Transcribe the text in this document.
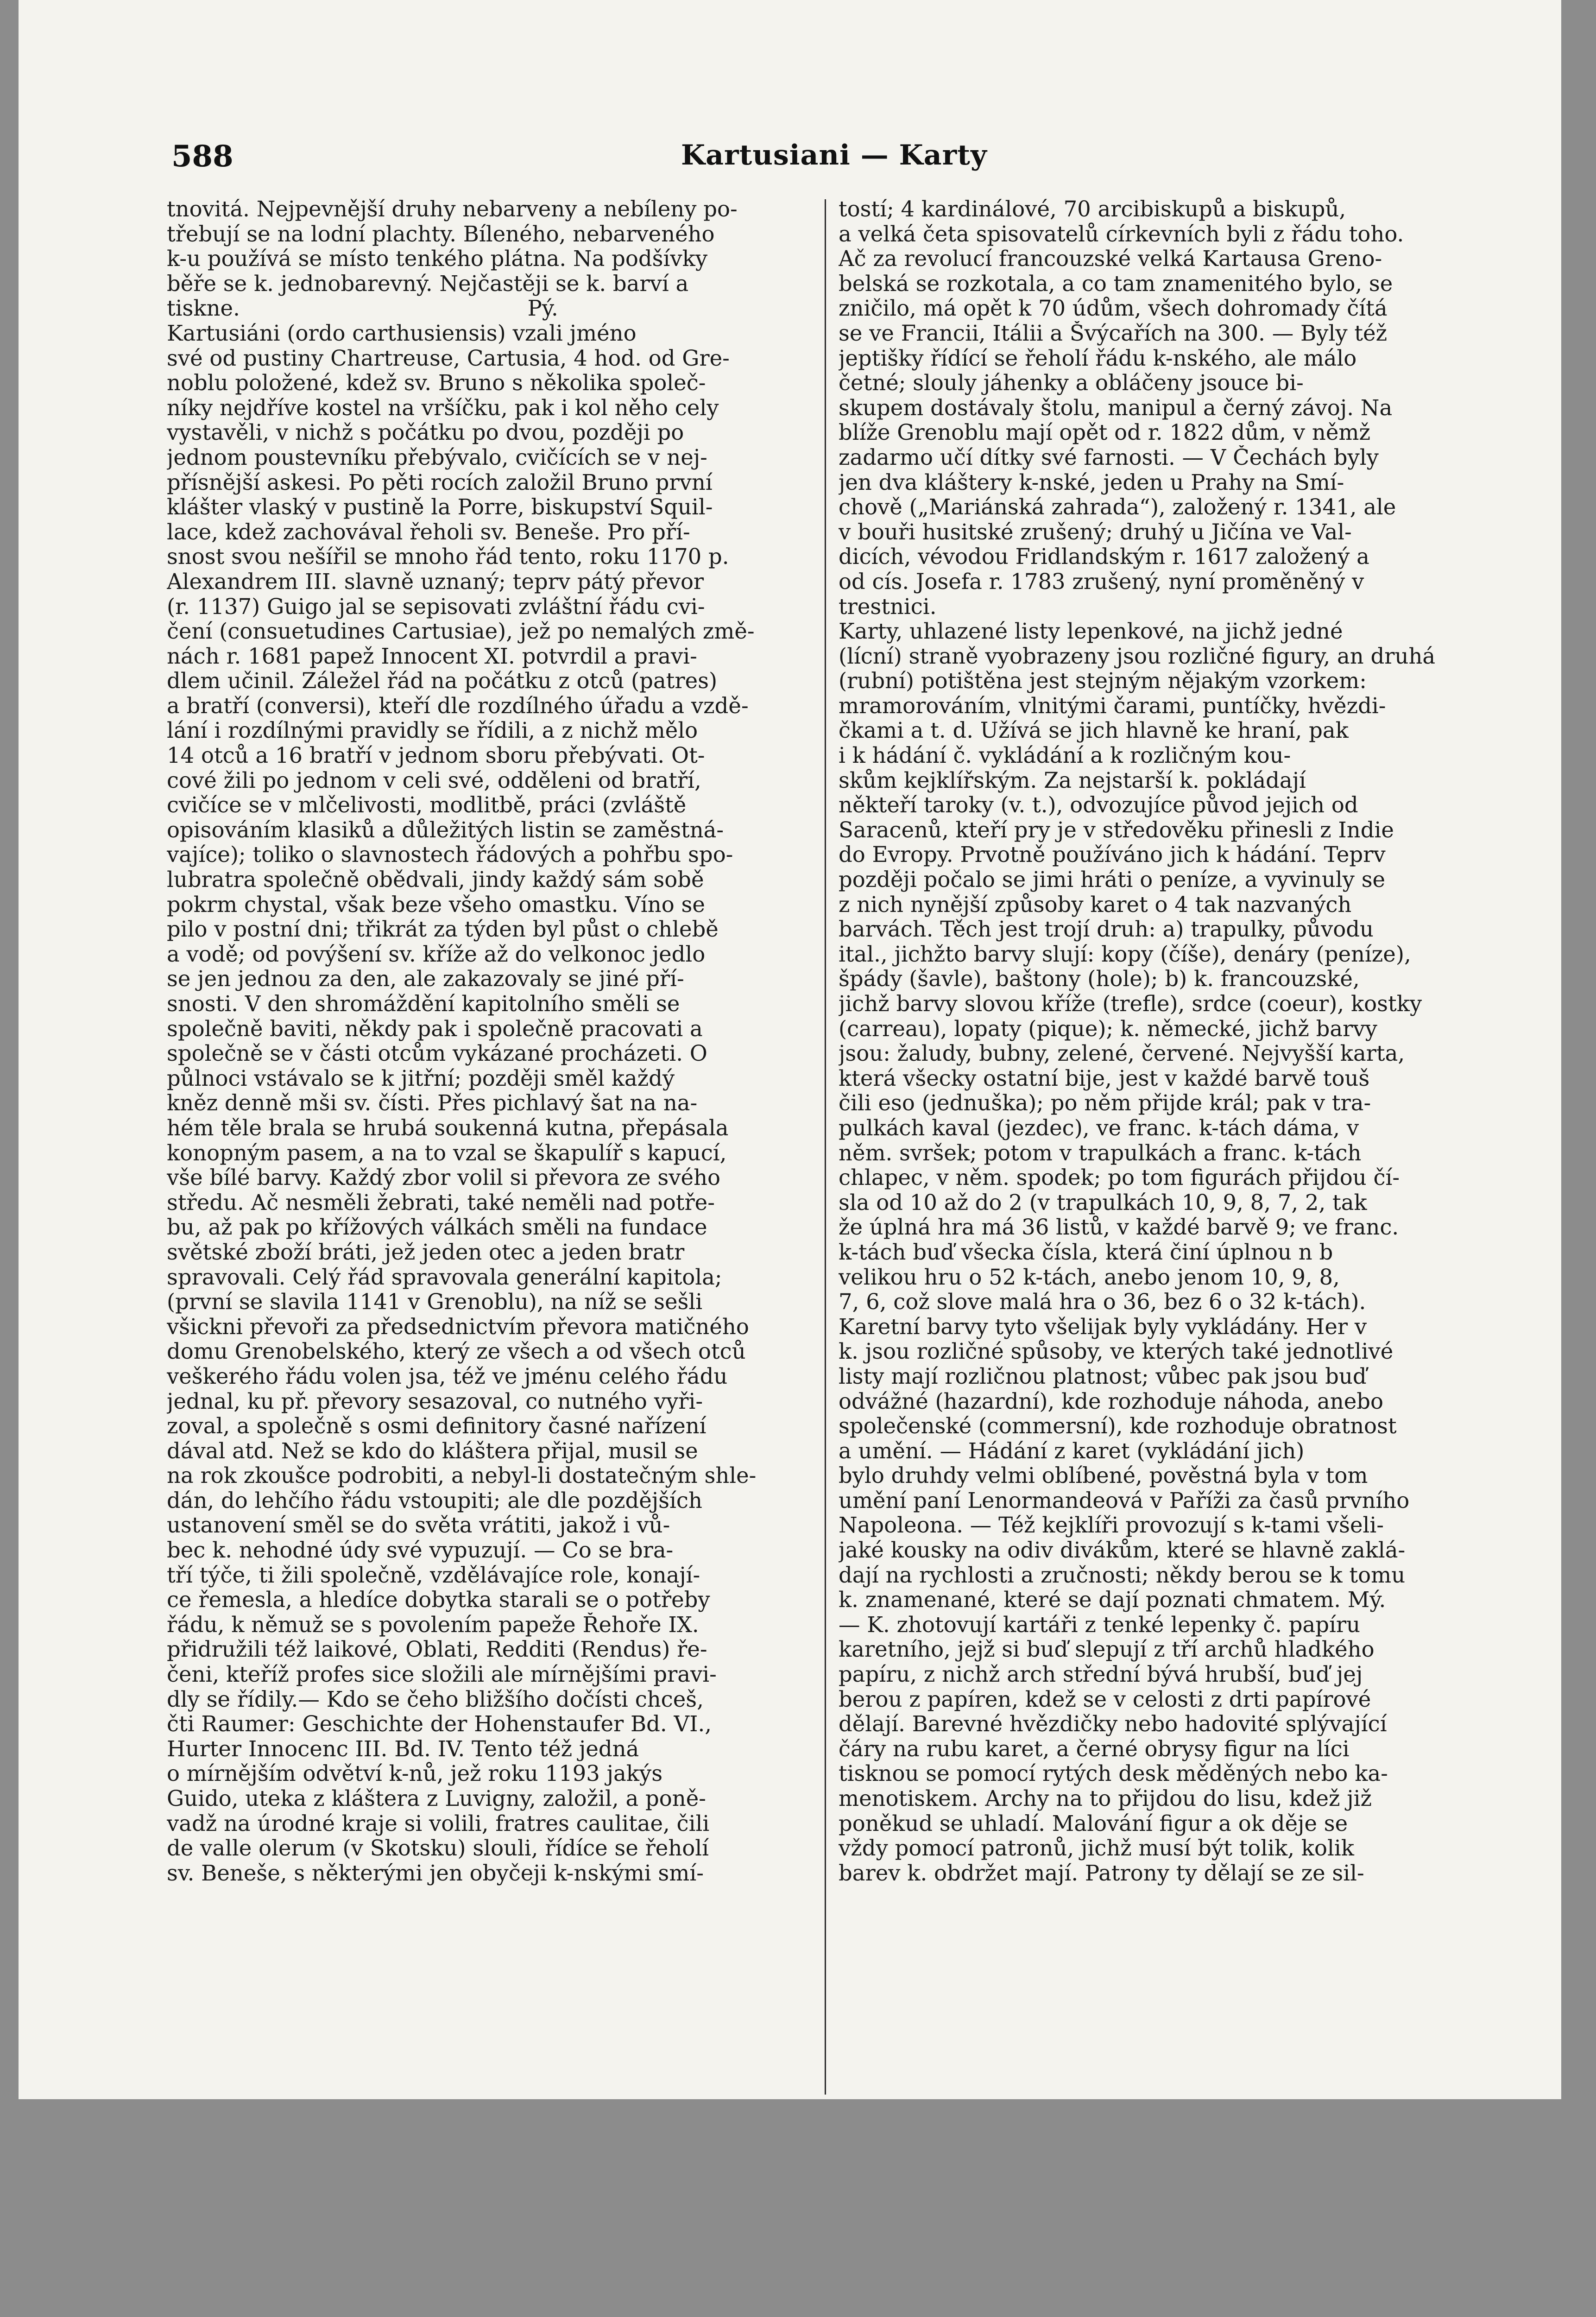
588	Kartusiani — Karty
tnovitá. Nejpevnější druhy nebarveny a nebíleny po-
třebují se na lodní plachty. Bíleného, nebarveného
k-u používá se místo tenkého plátna. Na podšívky
běře se k. jednobarevný. Nejčastěji se k. barví a
tiskne.                                          Pý.
Kartusiáni (ordo carthusiensis) vzali jméno
své od pustiny Chartreuse, Cartusia, 4 hod. od Gre-
noblu položené, kdež sv. Bruno s několika společ-
níky nejdříve kostel na vršíčku, pak i kol něho cely
vystavěli, v nichž s počátku po dvou, později po
jednom poustevníku přebývalo, cvičících se v nej-
přísnější askesi. Po pěti rocích založil Bruno první
klášter vlaský v pustině la Porre, biskupství Squil-
lace, kdež zachovával řeholi sv. Beneše. Pro pří-
snost svou nešířil se mnoho řád tento, roku 1170 p.
Alexandrem III. slavně uznaný; teprv pátý převor
(r. 1137) Guigo jal se sepisovati zvláštní řádu cvi-
čení (consuetudines Cartusiae), jež po nemalých změ-
nách r. 1681 papež Innocent XI. potvrdil a pravi-
dlem učinil. Záležel řád na počátku z otců (patres)
a bratří (conversi), kteří dle rozdílného úřadu a vzdě-
lání i rozdílnými pravidly se řídili, a z nichž mělo
14 otců a 16 bratří v jednom sboru přebývati. Ot-
cové žili po jednom v celi své, odděleni od bratří,
cvičíce se v mlčelivosti, modlitbě, práci (zvláště
opisováním klasiků a důležitých listin se zaměstná-
vajíce); toliko o slavnostech řádových a pohřbu spo-
lubratra společně obědvali, jindy každý sám sobě
pokrm chystal, však beze všeho omastku. Víno se
pilo v postní dni; třikrát za týden byl půst o chlebě
a vodě; od povýšení sv. kříže až do velkonoc jedlo
se jen jednou za den, ale zakazovaly se jiné pří-
snosti. V den shromáždění kapitolního směli se
společně baviti, někdy pak i společně pracovati a
společně se v části otcům vykázané procházeti. O
půlnoci vstávalo se k jitřní; později směl každý
kněz denně mši sv. čísti. Přes pichlavý šat na na-
hém těle brala se hrubá soukenná kutna, přepásala
konopným pasem, a na to vzal se škapulíř s kapucí,
vše bílé barvy. Každý zbor volil si převora ze svého
středu. Ač nesměli žebrati, také neměli nad potře-
bu, až pak po křížových válkách směli na fundace
světské zboží bráti, jež jeden otec a jeden bratr
spravovali. Celý řád spravovala generální kapitola;
(první se slavila 1141 v Grenoblu), na níž se sešli
všickni převoři za předsednictvím převora matičného
domu Grenobelského, který ze všech a od všech otců
veškerého řádu volen jsa, též ve jménu celého řádu
jednal, ku př. převory sesazoval, co nutného vyři-
zoval, a společně s osmi definitory časné nařízení
dával atd. Než se kdo do kláštera přijal, musil se
na rok zkoušce podrobiti, a nebyl-li dostatečným shle-
dán, do lehčího řádu vstoupiti; ale dle pozdějších
ustanovení směl se do světa vrátiti, jakož i vů-
bec k. nehodné údy své vypuzují. — Co se bra-
tří týče, ti žili společně, vzdělávajíce role, konají-
ce řemesla, a hledíce dobytka starali se o potřeby
řádu, k němuž se s povolením papeže Řehoře IX.
přidružili též laikové, Oblati, Redditi (Rendus) ře-
čeni, kteříž profes sice složili ale mírnějšími pravi-
dly se řídily.— Kdo se čeho bližšího dočísti chceš,
čti Raumer: Geschichte der Hohenstaufer Bd. VI.,
Hurter Innocenc III. Bd. IV. Tento též jedná
o mírnějším odvětví k-nů, jež roku 1193 jakýs
Guido, uteka z kláštera z Luvigny, založil, a poně-
vadž na úrodné kraje si volili, fratres caulitae, čili
de valle olerum (v Skotsku) slouli, řídíce se řeholí
sv. Beneše, s některými jen obyčeji k-nskými smí-
tostí; 4 kardinálové, 70 arcibiskupů a biskupů,
a velká četa spisovatelů církevních byli z řádu toho.
Ač za revolucí francouzské velká Kartausa Greno-
belská se rozkotala, a co tam znamenitého bylo, se
zničilo, má opět k 70 údům, všech dohromady čítá
se ve Francii, Itálii a Švýcařích na 300. — Byly též
jeptišky řídící se řeholí řádu k-nského, ale málo
četné; slouly jáhenky a obláčeny jsouce bi-
skupem dostávaly štolu, manipul a černý závoj. Na
blíže Grenoblu mají opět od r. 1822 dům, v němž
zadarmo učí dítky své farnosti. — V Čechách byly
jen dva kláštery k-nské, jeden u Prahy na Smí-
chově („Mariánská zahrada“), založený r. 1341, ale
v bouři husitské zrušený; druhý u Jičína ve Val-
dicích, vévodou Fridlandským r. 1617 založený a
od cís. Josefa r. 1783 zrušený, nyní proměněný v
trestnici.
Karty, uhlazené listy lepenkové, na jichž jedné
(lícní) straně vyobrazeny jsou rozličné figury, an druhá
(rubní) potištěna jest stejným nějakým vzorkem:
mramorováním, vlnitými čarami, puntíčky, hvězdi-
čkami a t. d. Užívá se jich hlavně ke hraní, pak
i k hádání č. vykládání a k rozličným kou-
skům kejklířským. Za nejstarší k. pokládají
někteří taroky (v. t.), odvozujíce původ jejich od
Saracenů, kteří pry je v středověku přinesli z Indie
do Evropy. Prvotně používáno jich k hádání. Teprv
později počalo se jimi hráti o peníze, a vyvinuly se
z nich nynější způsoby karet o 4 tak nazvaných
barvách. Těch jest trojí druh: a) trapulky, původu
ital., jichžto barvy slují: kopy (číše), denáry (peníze),
špády (šavle), baštony (hole); b) k. francouzské,
jichž barvy slovou kříže (trefle), srdce (coeur), kostky
(carreau), lopaty (pique); k. německé, jichž barvy
jsou: žaludy, bubny, zelené, červené. Nejvyšší karta,
která všecky ostatní bije, jest v každé barvě touš
čili eso (jednuška); po něm přijde král; pak v tra-
pulkách kaval (jezdec), ve franc. k-tách dáma, v
něm. svršek; potom v trapulkách a franc. k-tách
chlapec, v něm. spodek; po tom figurách přijdou čí-
sla od 10 až do 2 (v trapulkách 10, 9, 8, 7, 2, tak
že úplná hra má 36 listů, v každé barvě 9; ve franc.
k-tách buď všecka čísla, která činí úplnou n b
velikou hru o 52 k-tách, anebo jenom 10, 9, 8,
7, 6, což slove malá hra o 36, bez 6 o 32 k-tách).
Karetní barvy tyto všelijak byly vykládány. Her v
k. jsou rozličné spůsoby, ve kterých také jednotlivé
listy mají rozličnou platnost; vůbec pak jsou buď
odvážné (hazardní), kde rozhoduje náhoda, anebo
společenské (commersní), kde rozhoduje obratnost
a umění. — Hádání z karet (vykládání jich)
bylo druhdy velmi oblíbené, pověstná byla v tom
umění paní Lenormandeová v Paříži za časů prvního
Napoleona. — Též kejklíři provozují s k-tami všeli-
jaké kousky na odiv divákům, které se hlavně zaklá-
dají na rychlosti a zručnosti; někdy berou se k tomu
k. znamenané, které se dají poznati chmatem. Mý.
— K. zhotovují kartáři z tenké lepenky č. papíru
karetního, jejž si buď slepují z tří archů hladkého
papíru, z nichž arch střední bývá hrubší, buď jej
berou z papíren, kdež se v celosti z drti papírové
dělají. Barevné hvězdičky nebo hadovité splývající
čáry na rubu karet, a černé obrysy figur na líci
tisknou se pomocí rytých desk měděných nebo ka-
menotiskem. Archy na to přijdou do lisu, kdež již
poněkud se uhladí. Malování figur a ok děje se
vždy pomocí patronů, jichž musí být tolik, kolik
barev k. obdržet mají. Patrony ty dělají se ze sil-
